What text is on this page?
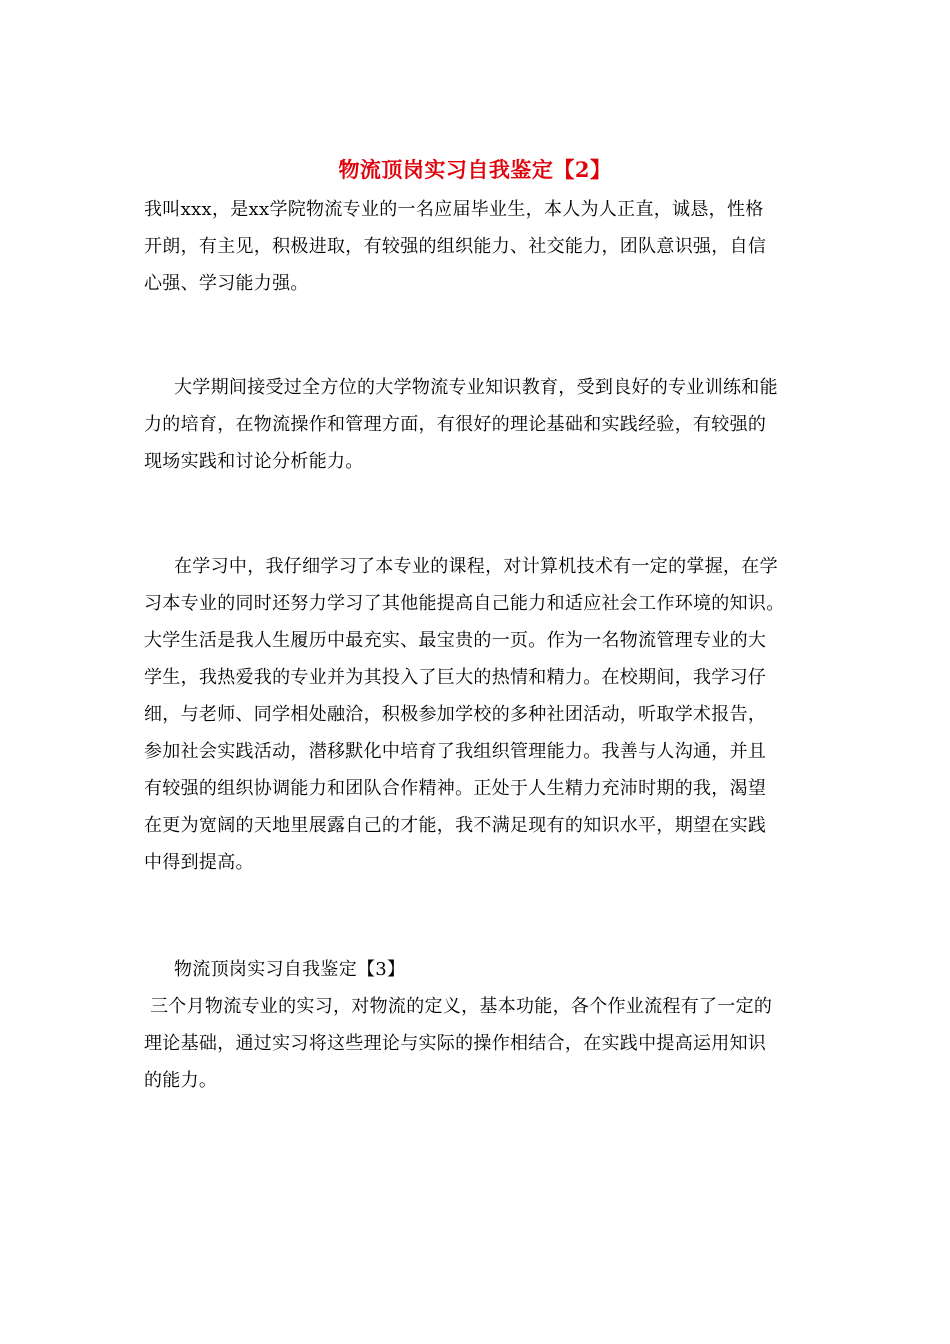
物流顶岗实习自我鉴定【2】
我叫xxx，是xx学院物流专业的一名应届毕业生，本人为人正直，诚恳，性格
开朗，有主见，积极进取，有较强的组织能力、社交能力，团队意识强，自信
心强、学习能力强。
大学期间接受过全方位的大学物流专业知识教育，受到良好的专业训练和能
力的培育，在物流操作和管理方面，有很好的理论基础和实践经验，有较强的
现场实践和讨论分析能力。
在学习中，我仔细学习了本专业的课程，对计算机技术有一定的掌握，在学
习本专业的同时还努力学习了其他能提高自己能力和适应社会工作环境的知识。
大学生活是我人生履历中最充实、最宝贵的一页。作为一名物流管理专业的大
学生，我热爱我的专业并为其投入了巨大的热情和精力。在校期间，我学习仔
细，与老师、同学相处融洽，积极参加学校的多种社团活动，听取学术报告，
参加社会实践活动，潜移默化中培育了我组织管理能力。我善与人沟通，并且
有较强的组织协调能力和团队合作精神。正处于人生精力充沛时期的我，渴望
在更为宽阔的天地里展露自己的才能，我不满足现有的知识水平，期望在实践
中得到提高。
物流顶岗实习自我鉴定【3】
三个月物流专业的实习，对物流的定义，基本功能，各个作业流程有了一定的
理论基础，通过实习将这些理论与实际的操作相结合，在实践中提高运用知识
的能力。
